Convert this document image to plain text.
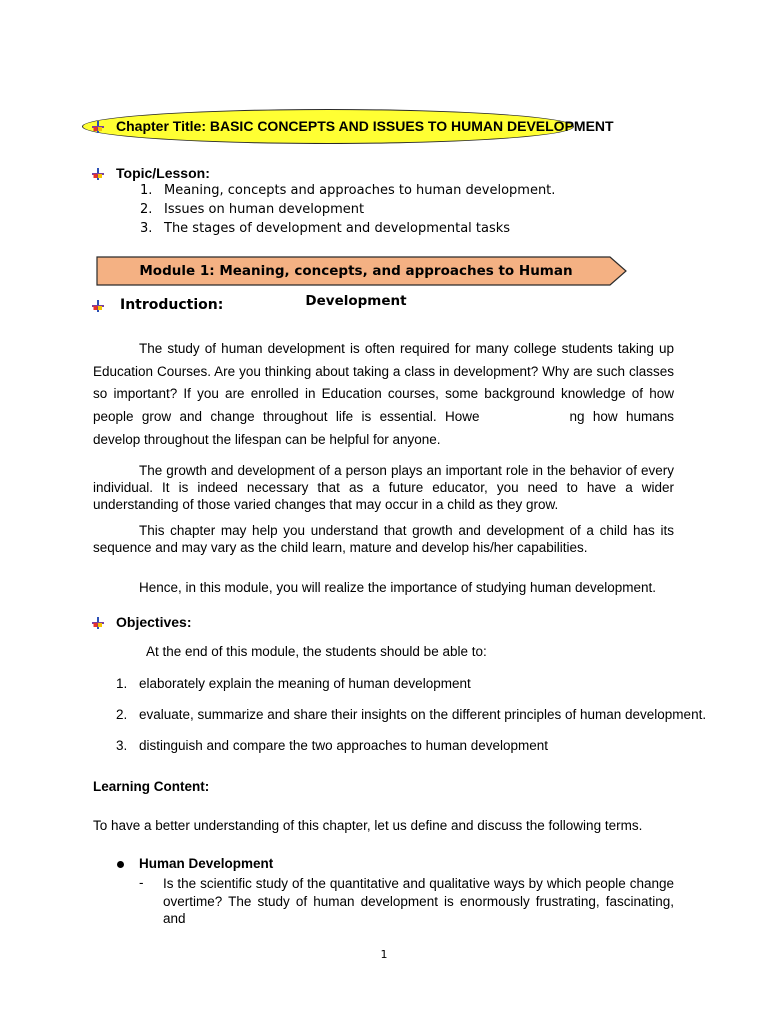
Chapter Title: BASIC CONCEPTS AND ISSUES TO HUMAN DEVELOPMENT
Topic/Lesson:
1. Meaning, concepts and approaches to human development.
2. Issues on human development
3. The stages of development and developmental tasks
Module 1: Meaning, concepts, and approaches to Human Development
Introduction:
The study of human development is often required for many college students taking up Education Courses. Are you thinking about taking a class in development? Why are such classes so important? If you are enrolled in Education courses, some background knowledge of how people grow and change throughout life is essential. Howe	ng how humans develop throughout the lifespan can be helpful for anyone.
The growth and development of a person plays an important role in the behavior of every individual. It is indeed necessary that as a future educator, you need to have a wider understanding of those varied changes that may occur in a child as they grow.
This chapter may help you understand that growth and development of a child has its sequence and may vary as the child learn, mature and develop his/her capabilities.
Hence, in this module, you will realize the importance of studying human development.
Objectives:
At the end of this module, the students should be able to:
1. elaborately explain the meaning of human development
2. evaluate, summarize and share their insights on the different principles of human development.
3. distinguish and compare the two approaches to human development
Learning Content:
To have a better understanding of this chapter, let us define and discuss the following terms.
Human Development
- Is the scientific study of the quantitative and qualitative ways by which people change overtime? The study of human development is enormously frustrating, fascinating, and
1
